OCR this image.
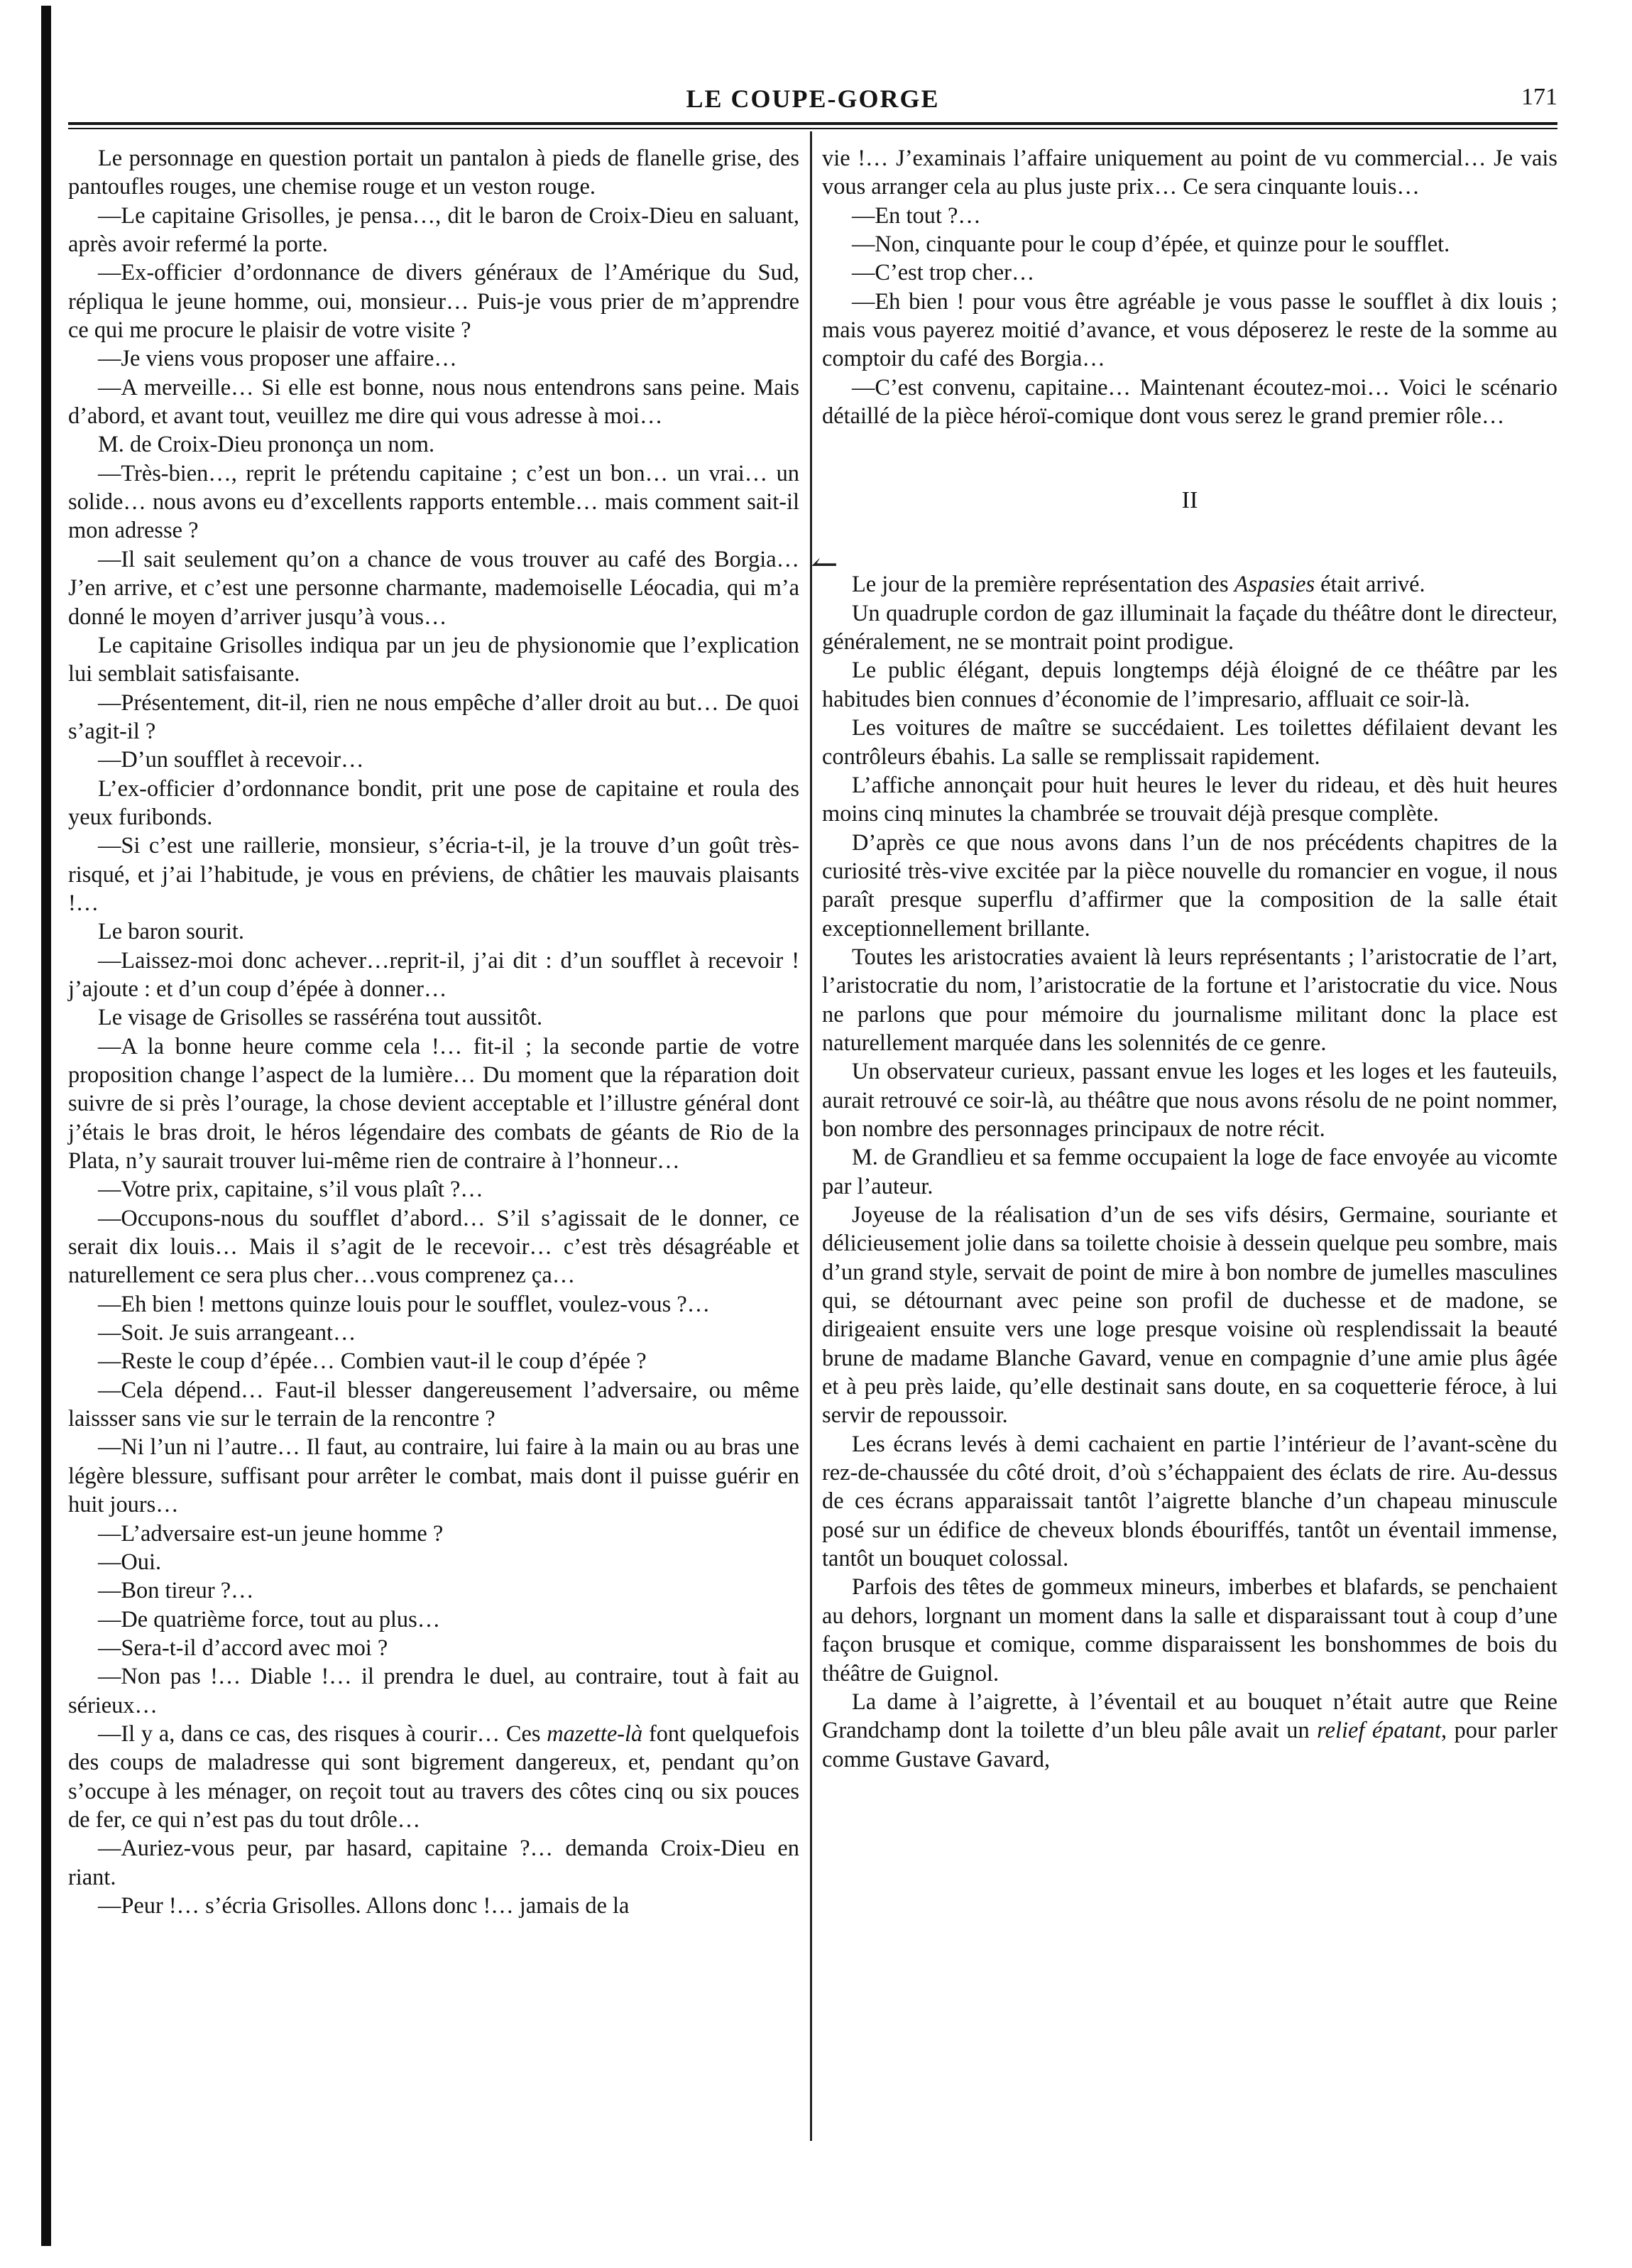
LE COUPE-GORGE	171
↼

Le personnage en question portait un pantalon à pieds de flanelle grise, des pantoufles rouges, une chemise rouge et un veston rouge.

—Le capitaine Grisolles, je pensa…, dit le baron de Croix-Dieu en saluant, après avoir refermé la porte.

—Ex-officier d’ordonnance de divers généraux de l’Amérique du Sud, répliqua le jeune homme, oui, monsieur… Puis-je vous prier de m’apprendre ce qui me procure le plaisir de votre visite ?

—Je viens vous proposer une affaire…

—A merveille… Si elle est bonne, nous nous entendrons sans peine. Mais d’abord, et avant tout, veuillez me dire qui vous adresse à moi…

M. de Croix-Dieu prononça un nom.

—Très-bien…, reprit le prétendu capitaine ; c’est un bon… un vrai… un solide… nous avons eu d’excellents rapports entemble… mais comment sait-il mon adresse ?

—Il sait seulement qu’on a chance de vous trouver au café des Borgia… J’en arrive, et c’est une personne charmante, mademoiselle Léocadia, qui m’a donné le moyen d’arriver jusqu’à vous…

Le capitaine Grisolles indiqua par un jeu de physionomie que l’explication lui semblait satisfaisante.

—Présentement, dit-il, rien ne nous empêche d’aller droit au but… De quoi s’agit-il ?

—D’un soufflet à recevoir…

L’ex-officier d’ordonnance bondit, prit une pose de capitaine et roula des yeux furibonds.

—Si c’est une raillerie, monsieur, s’écria-t-il, je la trouve d’un goût très-risqué, et j’ai l’habitude, je vous en préviens, de châtier les mauvais plaisants !…

Le baron sourit.

—Laissez-moi donc achever…reprit-il, j’ai dit : d’un soufflet à recevoir ! j’ajoute : et d’un coup d’épée à donner…

Le visage de Grisolles se rasséréna tout aussitôt.

—A la bonne heure comme cela !… fit-il ; la seconde partie de votre proposition change l’aspect de la lumière… Du moment que la réparation doit suivre de si près l’ourage, la chose devient acceptable et l’illustre général dont j’étais le bras droit, le héros légendaire des combats de géants de Rio de la Plata, n’y saurait trouver lui-même rien de contraire à l’honneur…

—Votre prix, capitaine, s’il vous plaît ?…

—Occupons-nous du soufflet d’abord… S’il s’agissait de le donner, ce serait dix louis… Mais il s’agit de le recevoir… c’est très désagréable et naturellement ce sera plus cher…vous comprenez ça…

—Eh bien ! mettons quinze louis pour le soufflet, voulez-vous ?…

—Soit. Je suis arrangeant…

—Reste le coup d’épée… Combien vaut-il le coup d’épée ?

—Cela dépend… Faut-il blesser dangereusement l’adversaire, ou même laissser sans vie sur le terrain de la rencontre ?

—Ni l’un ni l’autre… Il faut, au contraire, lui faire à la main ou au bras une légère blessure, suffisant pour arrêter le combat, mais dont il puisse guérir en huit jours…

—L’adversaire est-un jeune homme ?

—Oui.

—Bon tireur ?…

—De quatrième force, tout au plus…

—Sera-t-il d’accord avec moi ?

—Non pas !… Diable !… il prendra le duel, au contraire, tout à fait au sérieux…

—Il y a, dans ce cas, des risques à courir… Ces mazette-là font quelquefois des coups de maladresse qui sont bigrement dangereux, et, pendant qu’on s’occupe à les ménager, on reçoit tout au travers des côtes cinq ou six pouces de fer, ce qui n’est pas du tout drôle…

—Auriez-vous peur, par hasard, capitaine ?… demanda Croix-Dieu en riant.

—Peur !… s’écria Grisolles. Allons donc !… jamais de la

vie !… J’examinais l’affaire uniquement au point de vu commercial… Je vais vous arranger cela au plus juste prix… Ce sera cinquante louis…

—En tout ?…

—Non, cinquante pour le coup d’épée, et quinze pour le soufflet.

—C’est trop cher…

—Eh bien ! pour vous être agréable je vous passe le soufflet à dix louis ; mais vous payerez moitié d’avance, et vous déposerez le reste de la somme au comptoir du café des Borgia…

—C’est convenu, capitaine… Maintenant écoutez-moi… Voici le scénario détaillé de la pièce héroï-comique dont vous serez le grand premier rôle…

II

Le jour de la première représentation des Aspasies était arrivé.

Un quadruple cordon de gaz illuminait la façade du théâtre dont le directeur, généralement, ne se montrait point prodigue.

Le public élégant, depuis longtemps déjà éloigné de ce théâtre par les habitudes bien connues d’économie de l’impresario, affluait ce soir-là.

Les voitures de maître se succédaient. Les toilettes défilaient devant les contrôleurs ébahis. La salle se remplissait rapidement.

L’affiche annonçait pour huit heures le lever du rideau, et dès huit heures moins cinq minutes la chambrée se trouvait déjà presque complète.

D’après ce que nous avons dans l’un de nos précédents chapitres de la curiosité très-vive excitée par la pièce nouvelle du romancier en vogue, il nous paraît presque superflu d’affirmer que la composition de la salle était exceptionnellement brillante.

Toutes les aristocraties avaient là leurs représentants ; l’aristocratie de l’art, l’aristocratie du nom, l’aristocratie de la fortune et l’aristocratie du vice. Nous ne parlons que pour mémoire du journalisme militant donc la place est naturellement marquée dans les solennités de ce genre.

Un observateur curieux, passant envue les loges et les loges et les fauteuils, aurait retrouvé ce soir-là, au théâtre que nous avons résolu de ne point nommer, bon nombre des personnages principaux de notre récit.

M. de Grandlieu et sa femme occupaient la loge de face envoyée au vicomte par l’auteur.

Joyeuse de la réalisation d’un de ses vifs désirs, Germaine, souriante et délicieusement jolie dans sa toilette choisie à dessein quelque peu sombre, mais d’un grand style, servait de point de mire à bon nombre de jumelles masculines qui, se détournant avec peine son profil de duchesse et de madone, se dirigeaient ensuite vers une loge presque voisine où resplendissait la beauté brune de madame Blanche Gavard, venue en compagnie d’une amie plus âgée et à peu près laide, qu’elle destinait sans doute, en sa coquetterie féroce, à lui servir de repoussoir.

Les écrans levés à demi cachaient en partie l’intérieur de l’avant-scène du rez-de-chaussée du côté droit, d’où s’échappaient des éclats de rire. Au-dessus de ces écrans apparaissait tantôt l’aigrette blanche d’un chapeau minuscule posé sur un édifice de cheveux blonds ébouriffés, tantôt un éventail immense, tantôt un bouquet colossal.

Parfois des têtes de gommeux mineurs, imberbes et blafards, se penchaient au dehors, lorgnant un moment dans la salle et disparaissant tout à coup d’une façon brusque et comique, comme disparaissent les bonshommes de bois du théâtre de Guignol.

La dame à l’aigrette, à l’éventail et au bouquet n’était autre que Reine Grandchamp dont la toilette d’un bleu pâle avait un relief épatant, pour parler comme Gustave Gavard,
